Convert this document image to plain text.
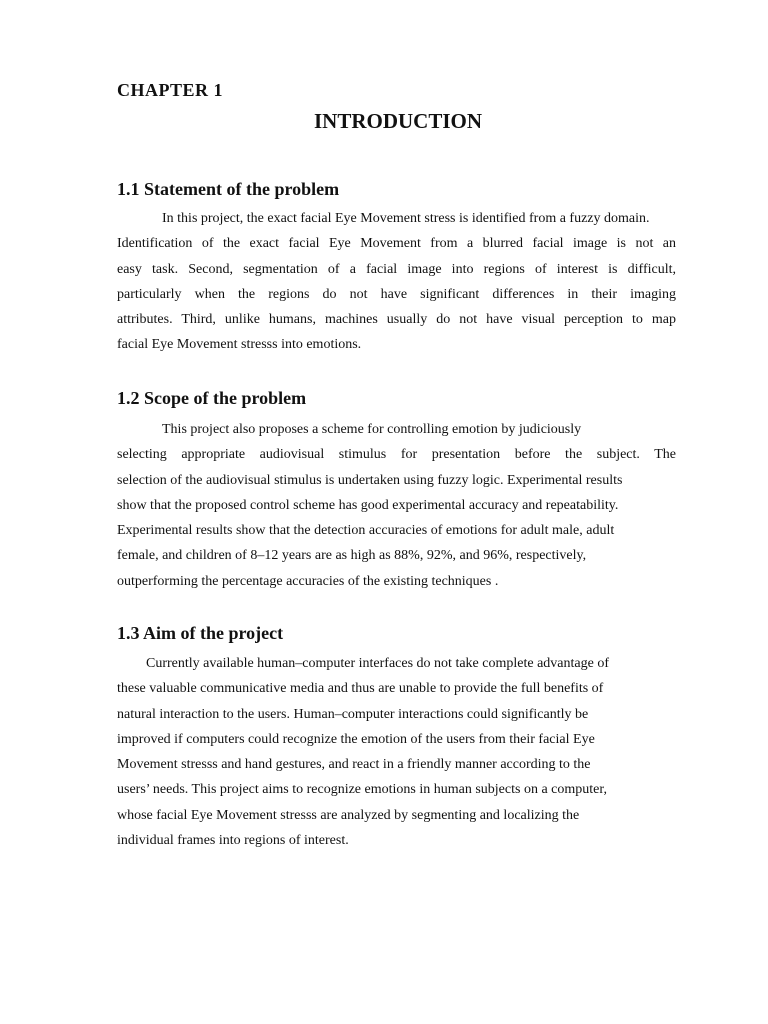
CHAPTER 1
INTRODUCTION
1.1 Statement of the problem
In this project, the exact facial Eye Movement stress is identified from a fuzzy domain.
Identification of the exact facial Eye Movement from a blurred facial image is not an
easy task. Second, segmentation of a facial image into regions of interest is difficult,
particularly when the regions do not have significant differences in their imaging
attributes. Third, unlike humans, machines usually do not have visual perception to map
facial Eye Movement stresss into emotions.
1.2 Scope of the problem
This project also proposes a scheme for controlling emotion by judiciously
selecting appropriate audiovisual stimulus for presentation before the subject. The
selection of the audiovisual stimulus is undertaken using fuzzy logic. Experimental results
show that the proposed control scheme has good experimental accuracy and repeatability.
Experimental results show that the detection accuracies of emotions for adult male, adult
female, and children of 8–12 years are as high as 88%, 92%, and 96%, respectively,
outperforming the percentage accuracies of the existing techniques .
1.3 Aim of the project
Currently available human–computer interfaces do not take complete advantage of
these valuable communicative media and thus are unable to provide the full benefits of
natural interaction to the users. Human–computer interactions could significantly be
improved if computers could recognize the emotion of the users from their facial Eye
Movement stresss and hand gestures, and react in a friendly manner according to the
users’ needs. This project aims to recognize emotions in human subjects on a computer,
whose facial Eye Movement stresss are analyzed by segmenting and localizing the
individual frames into regions of interest.
